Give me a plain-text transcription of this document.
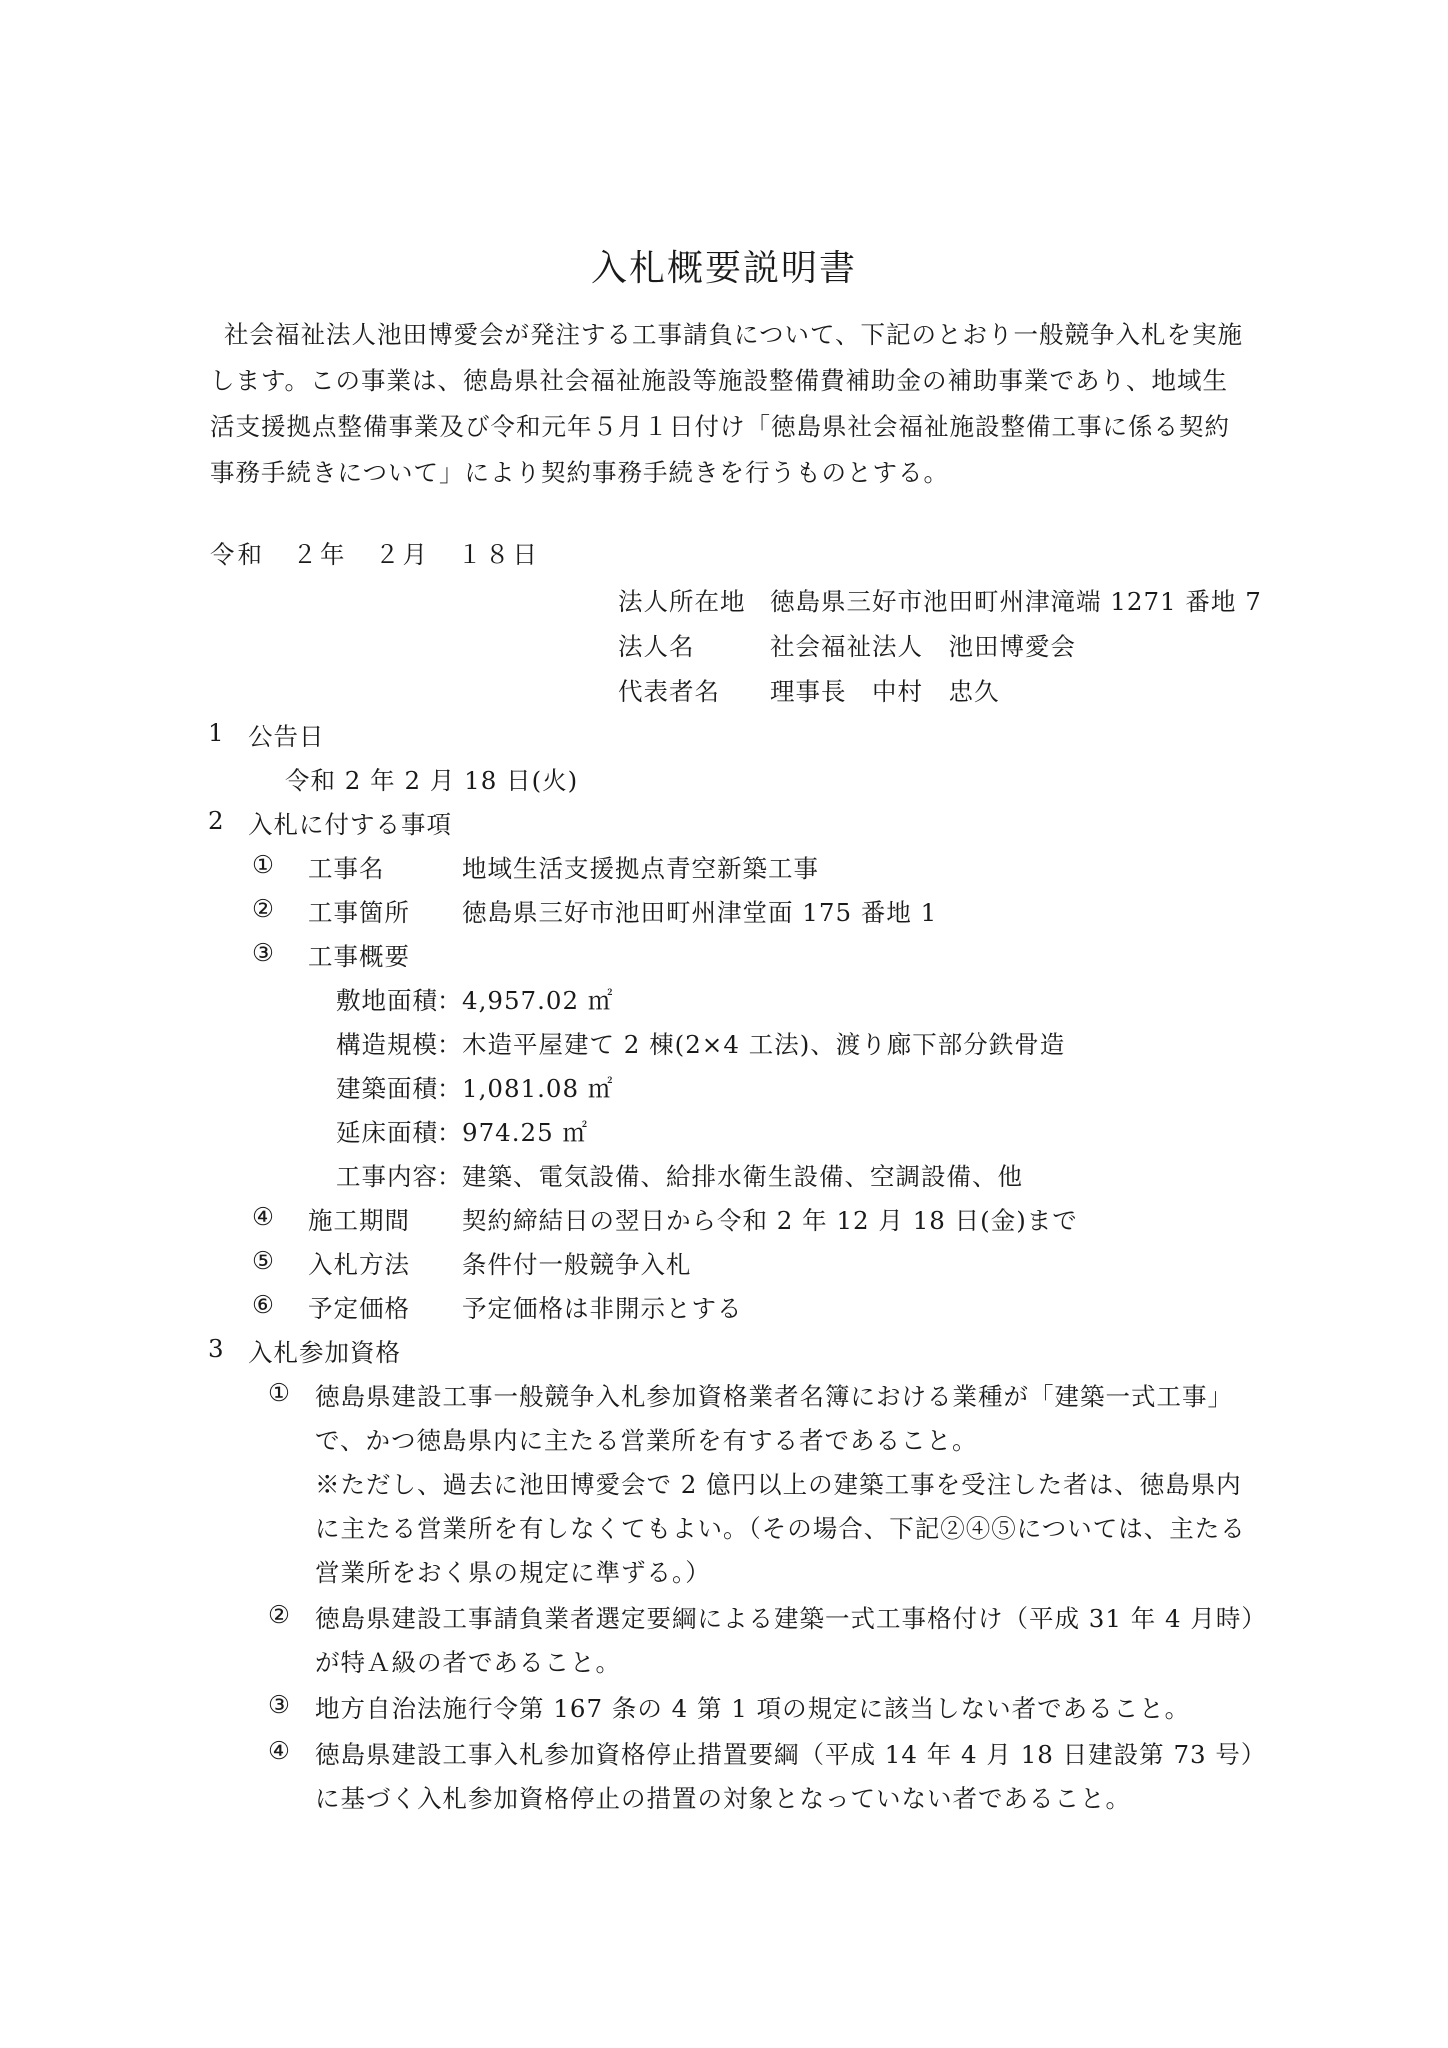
入札概要説明書
社会福祉法人池田博愛会が発注する工事請負について、下記のとおり一般競争入札を実施
します。この事業は、徳島県社会福祉施設等施設整備費補助金の補助事業であり、地域生
活支援拠点整備事業及び令和元年５月１日付け「徳島県社会福祉施設整備工事に係る契約
事務手続きについて」により契約事務手続きを行うものとする。
令和　２年　２月　１８日
法人所在地 徳島県三好市池田町州津滝端 1271 番地 7
法人名	社会福祉法人　池田博愛会
代表者名 理事長　中村　忠久
1 公告日
令和 2 年 2 月 18 日(火)
2 入札に付する事項
① 工事名	地域生活支援拠点青空新築工事
② 工事箇所 徳島県三好市池田町州津堂面 175 番地 1
③ 工事概要
敷地面積 ： 4,957.02 ㎡
構造規模 ： 木造平屋建て 2 棟(2×4 工法)、渡り廊下部分鉄骨造
建築面積 ： 1,081.08 ㎡
延床面積 ： 974.25 ㎡
工事内容 ： 建築、電気設備、給排水衛生設備、空調設備、他
④ 施工期間 契約締結日の翌日から令和 2 年 12 月 18 日(金)まで
⑤ 入札方法 条件付一般競争入札
⑥ 予定価格 予定価格は非開示とする
3 入札参加資格
① 徳島県建設工事一般競争入札参加資格業者名簿における業種が「建築一式工事」
で、かつ徳島県内に主たる営業所を有する者であること。
※ただし、過去に池田博愛会で 2 億円以上の建築工事を受注した者は、徳島県内
に主たる営業所を有しなくてもよい。（その場合、下記②④⑤については、主たる
営業所をおく県の規定に準ずる。）
② 徳島県建設工事請負業者選定要綱による建築一式工事格付け（平成 31 年 4 月時）
が特Ａ級の者であること。
③ 地方自治法施行令第 167 条の 4 第 1 項の規定に該当しない者であること。
④ 徳島県建設工事入札参加資格停止措置要綱（平成 14 年 4 月 18 日建設第 73 号）
に基づく入札参加資格停止の措置の対象となっていない者であること。
